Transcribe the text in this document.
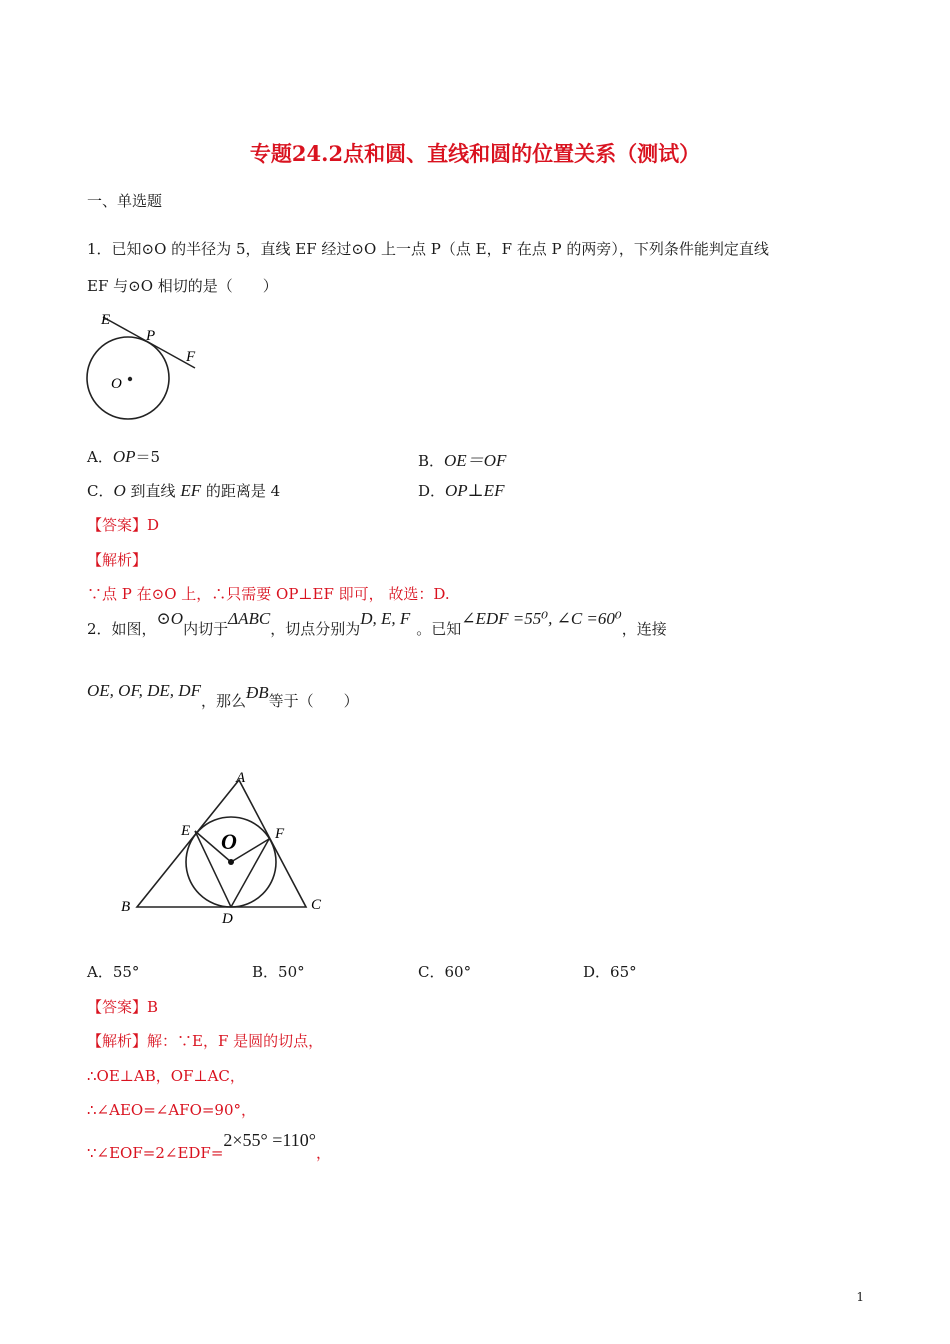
专题24.2点和圆、直线和圆的位置关系（测试）
一、单选题
1．已知⊙O 的半径为 5，直线 EF 经过⊙O 上一点 P（点 E，F 在点 P 的两旁），下列条件能判定直线
EF 与⊙O 相切的是（　　）
E
P
F
O
A．OP＝5	B．OE＝OF
C．O 到直线 EF 的距离是 4	D．OP⊥EF
【答案】D
【解析】
∵点 P 在⊙O 上，∴只需要 OP⊥EF 即可， 故选：D.
2．如图，⊙O内切于ΔABC，切点分别为D, E, F。已知∠EDF =55⁰, ∠C =60⁰，连接
OE, OF, DE, DF，那么ÐB等于（　　）
A
B	C
D
E	F
O
A．55°	B．50°	C．60°	D．65°
【答案】B
【解析】解：∵E，F 是圆的切点，
∴OE⊥AB，OF⊥AC，
∴∠AEO=∠AFO=90°，
∵∠EOF=2∠EDF=2×55° =110°，
1
